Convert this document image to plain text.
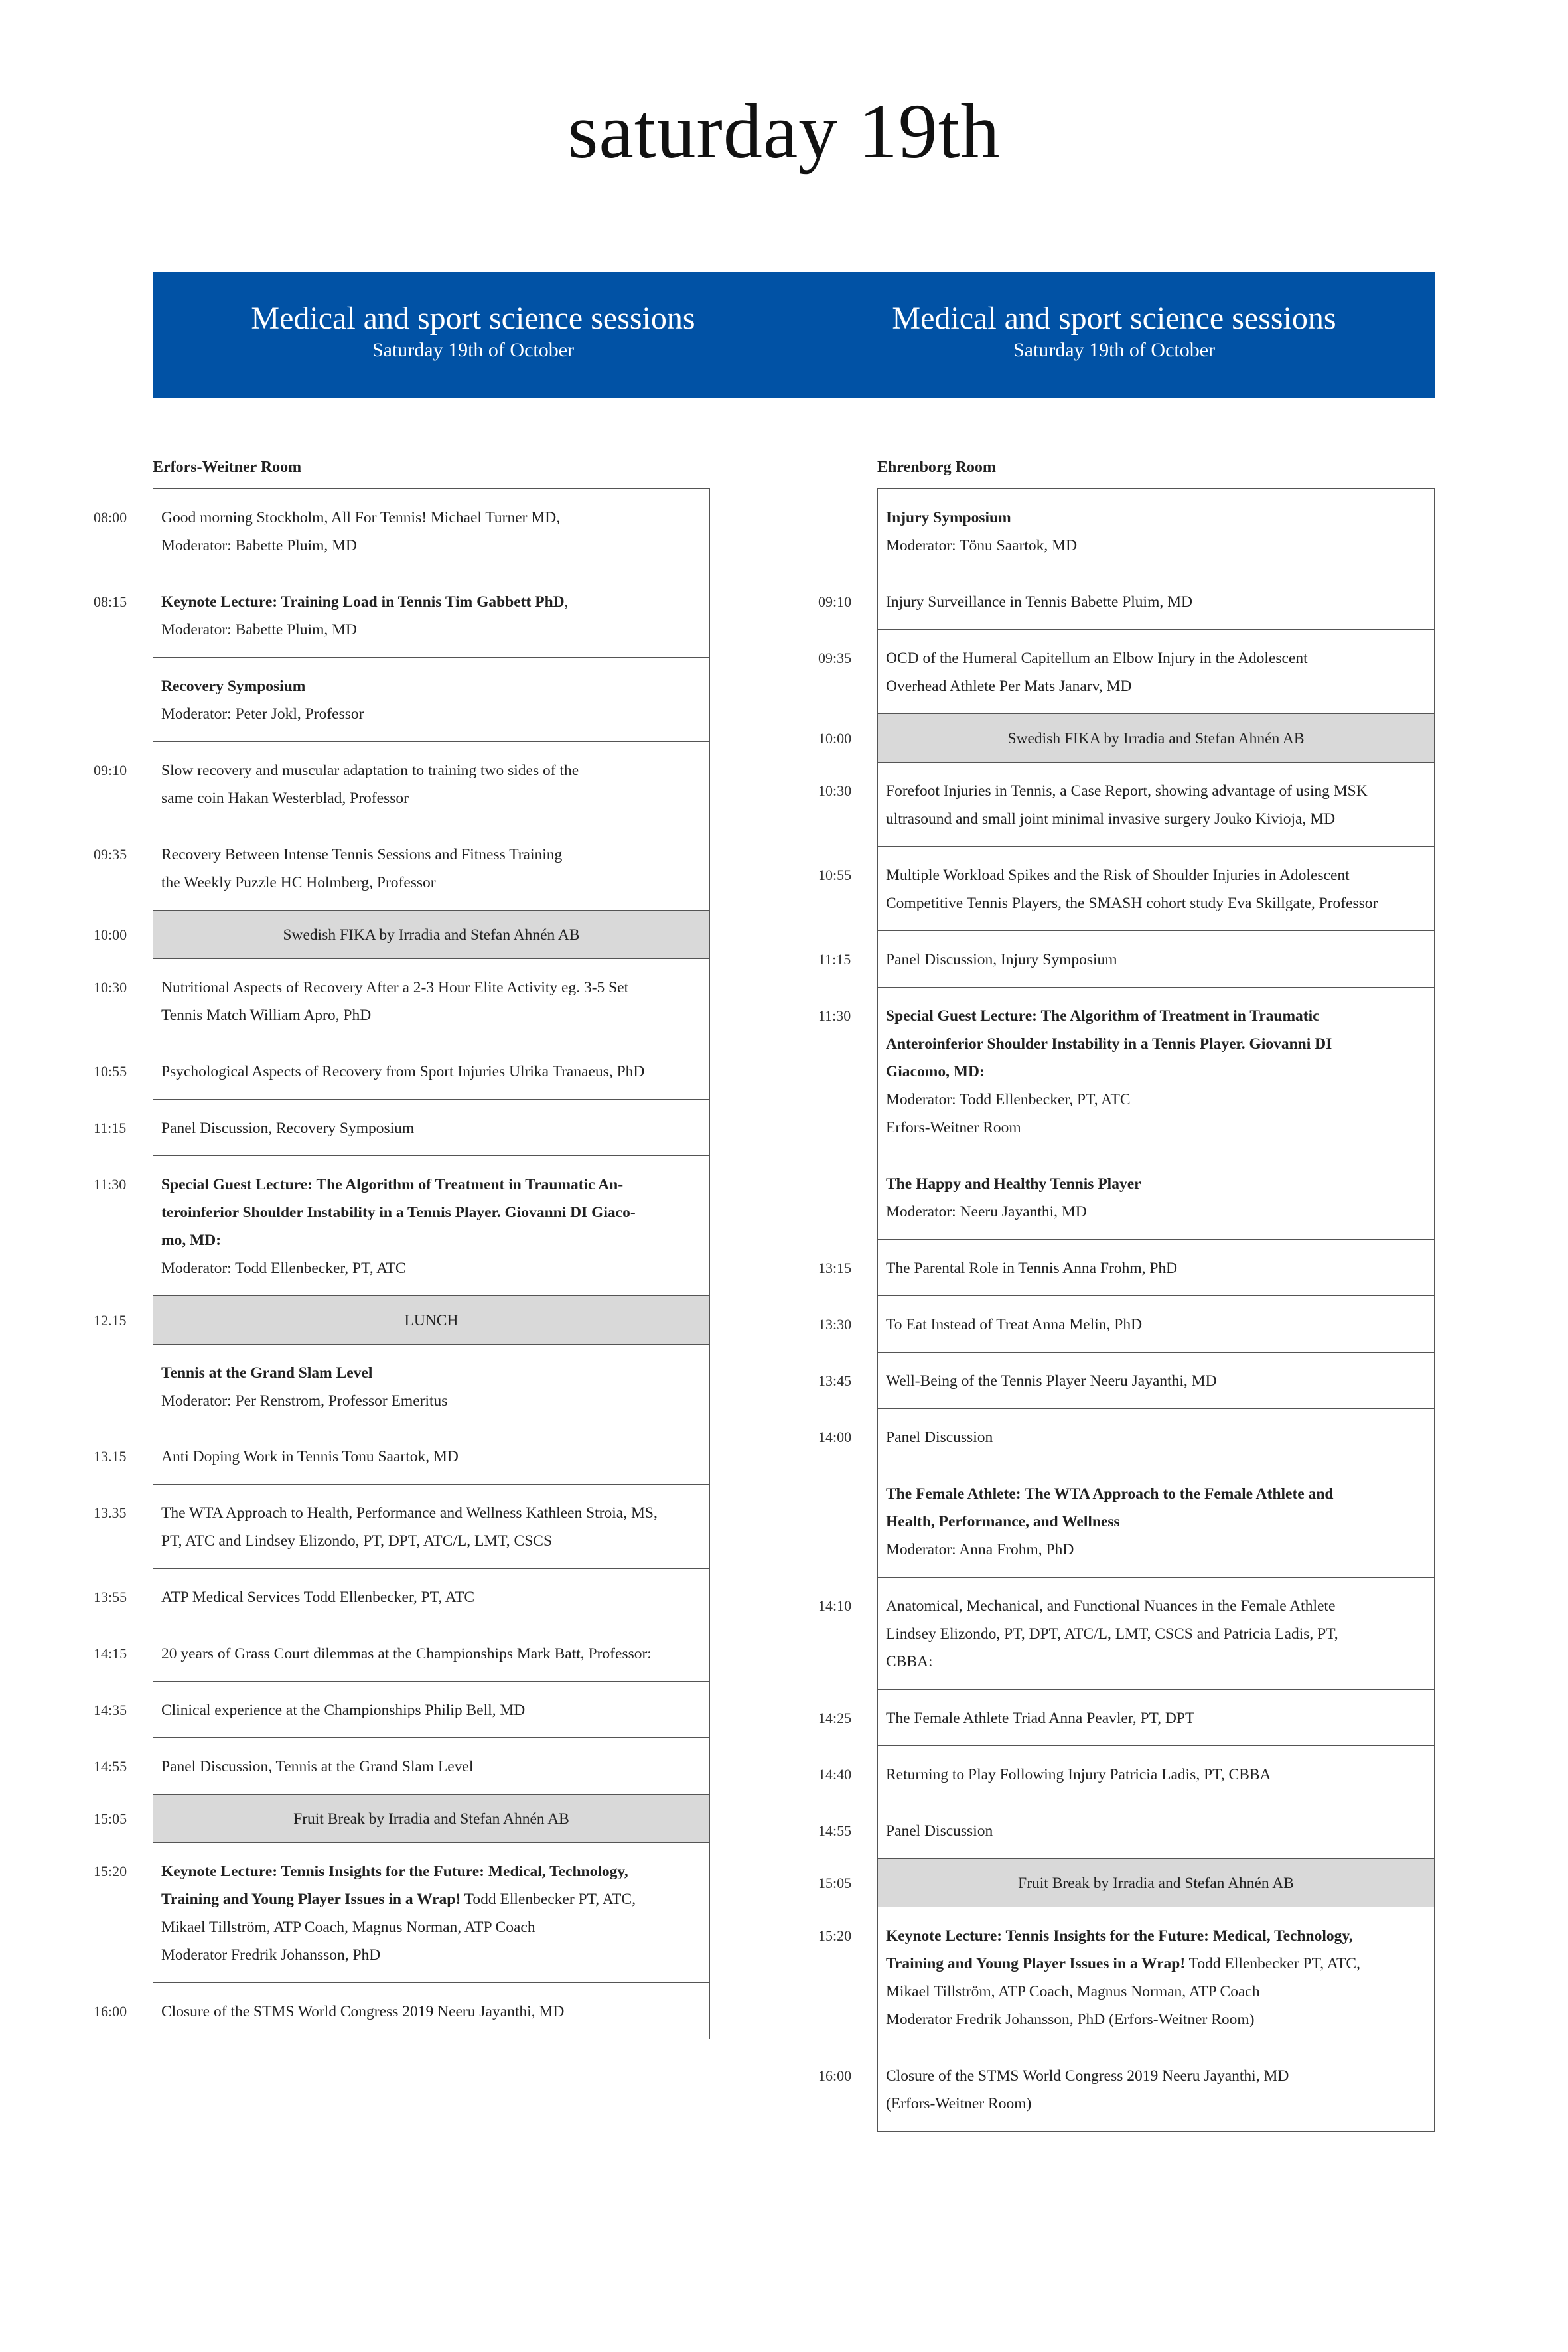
saturday 19th
Medical and sport science sessions
Saturday 19th of October
Medical and sport science sessions
Saturday 19th of October
Erfors-Weitner Room
08:00	Good morning Stockholm, All For Tennis! Michael Turner MD,
Moderator: Babette Pluim, MD
08:15	Keynote Lecture: Training Load in Tennis Tim Gabbett PhD,
Moderator: Babette Pluim, MD
Recovery Symposium
Moderator: Peter Jokl, Professor
09:10	Slow recovery and muscular adaptation to training two sides of the
same coin Hakan Westerblad, Professor
09:35	Recovery Between Intense Tennis Sessions and Fitness Training
the Weekly Puzzle HC Holmberg, Professor
10:00	Swedish FIKA by Irradia and Stefan Ahnén AB
10:30	Nutritional Aspects of Recovery After a 2-3 Hour Elite Activity eg. 3-5 Set
Tennis Match William Apro, PhD
10:55	Psychological Aspects of Recovery from Sport Injuries Ulrika Tranaeus, PhD
11:15	Panel Discussion, Recovery Symposium
11:30	Special Guest Lecture: The Algorithm of Treatment in Traumatic An-
teroinferior Shoulder Instability in a Tennis Player. Giovanni DI Giaco-
mo, MD:
Moderator: Todd Ellenbecker, PT, ATC
12.15	LUNCH
Tennis at the Grand Slam Level
Moderator: Per Renstrom, Professor Emeritus
13.15	Anti Doping Work in Tennis Tonu Saartok, MD
13.35	The WTA Approach to Health, Performance and Wellness Kathleen Stroia, MS,
PT, ATC and Lindsey Elizondo, PT, DPT, ATC/L, LMT, CSCS
13:55	ATP Medical Services Todd Ellenbecker, PT, ATC
14:15	20 years of Grass Court dilemmas at the Championships Mark Batt, Professor:
14:35	Clinical experience at the Championships Philip Bell, MD
14:55	Panel Discussion, Tennis at the Grand Slam Level
15:05	Fruit Break by Irradia and Stefan Ahnén AB
15:20	Keynote Lecture: Tennis Insights for the Future: Medical, Technology,
Training and Young Player Issues in a Wrap! Todd Ellenbecker PT, ATC,
Mikael Tillström, ATP Coach, Magnus Norman, ATP Coach
Moderator Fredrik Johansson, PhD
16:00	Closure of the STMS World Congress 2019 Neeru Jayanthi, MD
Ehrenborg Room
Injury Symposium
Moderator: Tönu Saartok, MD
09:10	Injury Surveillance in Tennis Babette Pluim, MD
09:35	OCD of the Humeral Capitellum an Elbow Injury in the Adolescent
Overhead Athlete Per Mats Janarv, MD
10:00	Swedish FIKA by Irradia and Stefan Ahnén AB
10:30	Forefoot Injuries in Tennis, a Case Report, showing advantage of using MSK
ultrasound and small joint minimal invasive surgery Jouko Kivioja, MD
10:55	Multiple Workload Spikes and the Risk of Shoulder Injuries in Adolescent
Competitive Tennis Players, the SMASH cohort study Eva Skillgate, Professor
11:15	Panel Discussion, Injury Symposium
11:30	Special Guest Lecture: The Algorithm of Treatment in Traumatic
Anteroinferior Shoulder Instability in a Tennis Player. Giovanni DI
Giacomo, MD:
Moderator: Todd Ellenbecker, PT, ATC
Erfors-Weitner Room
The Happy and Healthy Tennis Player
Moderator: Neeru Jayanthi, MD
13:15	The Parental Role in Tennis Anna Frohm, PhD
13:30	To Eat Instead of Treat Anna Melin, PhD
13:45	Well-Being of the Tennis Player Neeru Jayanthi, MD
14:00	Panel Discussion
The Female Athlete: The WTA Approach to the Female Athlete and
Health, Performance, and Wellness
Moderator: Anna Frohm, PhD
14:10	Anatomical, Mechanical, and Functional Nuances in the Female Athlete
Lindsey Elizondo, PT, DPT, ATC/L, LMT, CSCS and Patricia Ladis, PT,
CBBA:
14:25	The Female Athlete Triad Anna Peavler, PT, DPT
14:40	Returning to Play Following Injury Patricia Ladis, PT, CBBA
14:55	Panel Discussion
15:05	Fruit Break by Irradia and Stefan Ahnén AB
15:20	Keynote Lecture: Tennis Insights for the Future: Medical, Technology,
Training and Young Player Issues in a Wrap! Todd Ellenbecker PT, ATC,
Mikael Tillström, ATP Coach, Magnus Norman, ATP Coach
Moderator Fredrik Johansson, PhD (Erfors-Weitner Room)
16:00	Closure of the STMS World Congress 2019 Neeru Jayanthi, MD
(Erfors-Weitner Room)
